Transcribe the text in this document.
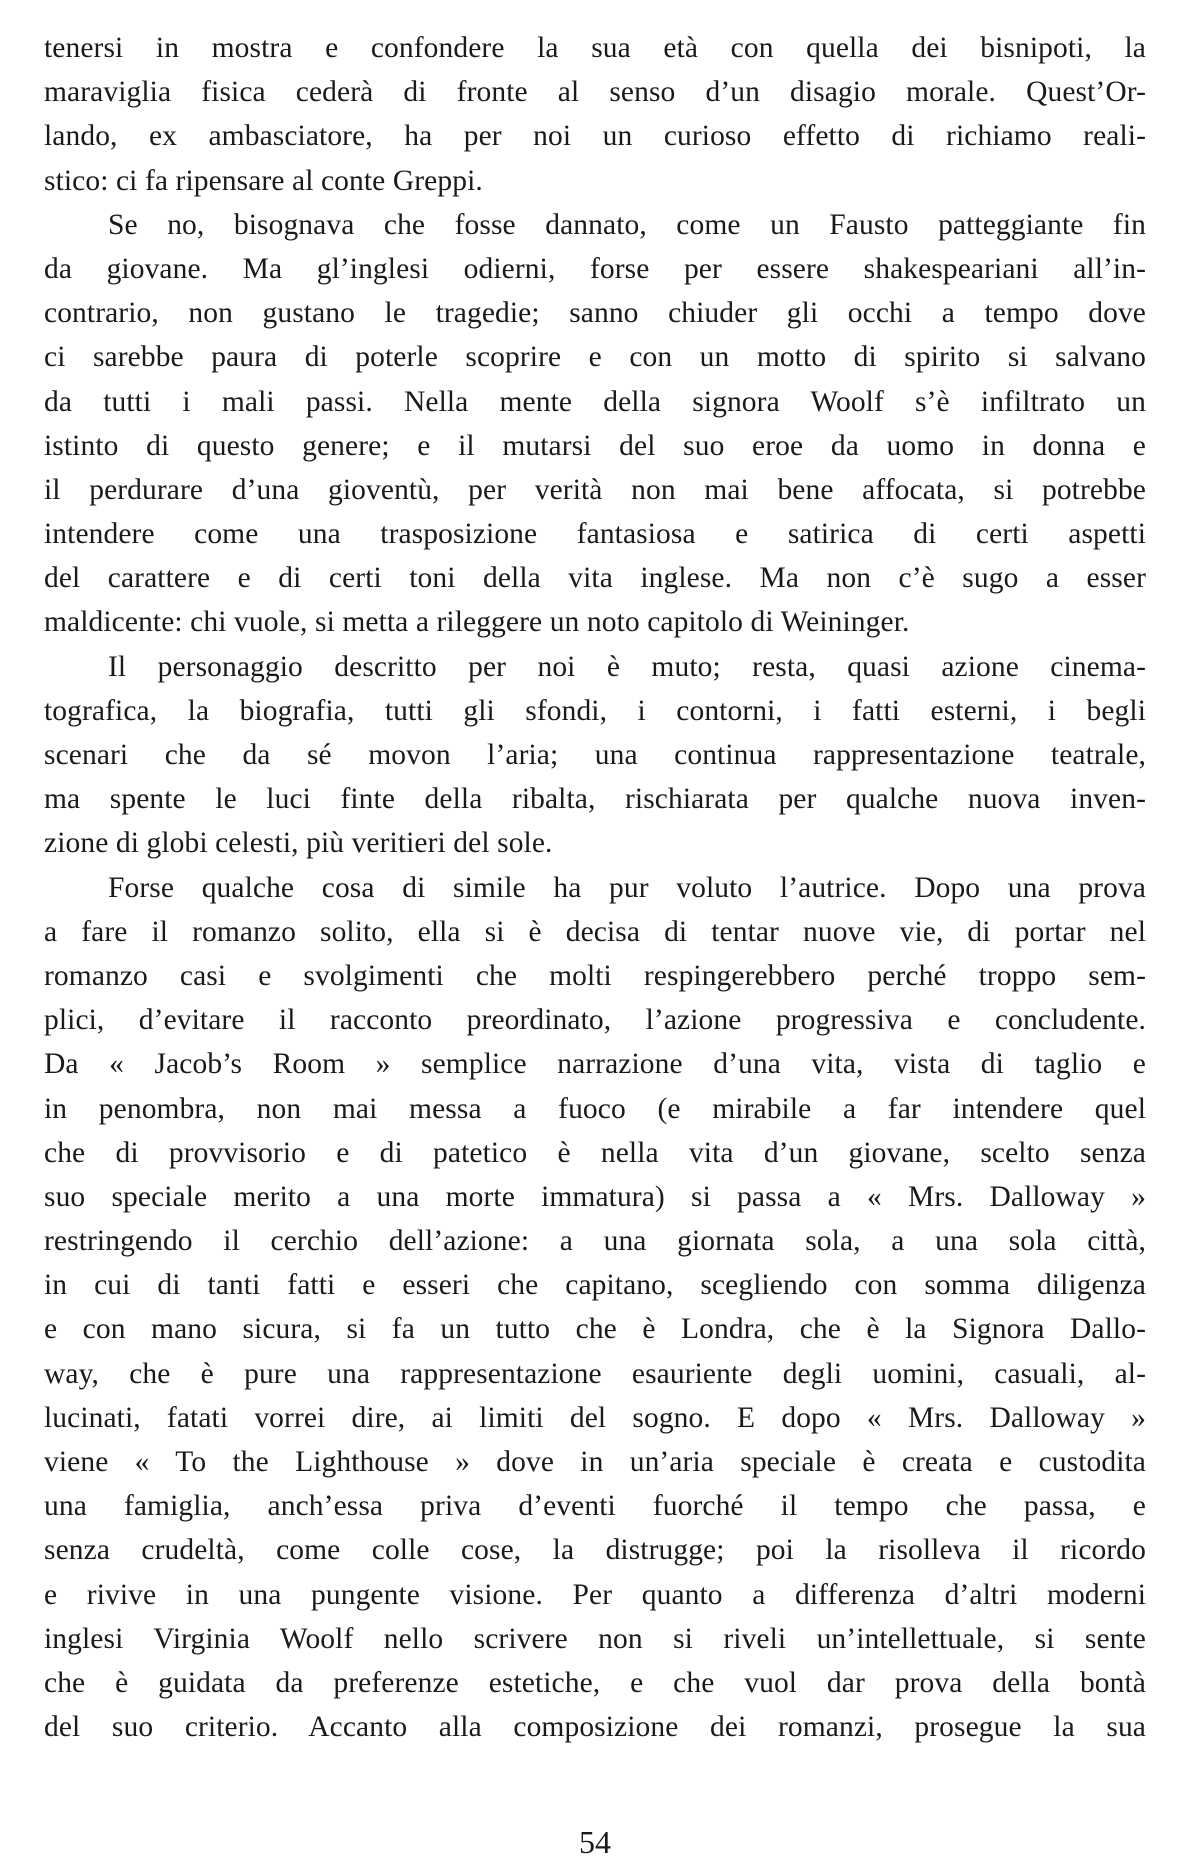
tenersi in mostra e confondere la sua età con quella dei bisnipoti, la
maraviglia fisica cederà di fronte al senso d’un disagio morale. Quest’Or-
lando, ex ambasciatore, ha per noi un curioso effetto di richiamo reali-
stico: ci fa ripensare al conte Greppi.
Se no, bisognava che fosse dannato, come un Fausto patteggiante fin
da giovane. Ma gl’inglesi odierni, forse per essere shakespeariani all’in-
contrario, non gustano le tragedie; sanno chiuder gli occhi a tempo dove
ci sarebbe paura di poterle scoprire e con un motto di spirito si salvano
da tutti i mali passi. Nella mente della signora Woolf s’è infiltrato un
istinto di questo genere; e il mutarsi del suo eroe da uomo in donna e
il perdurare d’una gioventù, per verità non mai bene affocata, si potrebbe
intendere come una trasposizione fantasiosa e satirica di certi aspetti
del carattere e di certi toni della vita inglese. Ma non c’è sugo a esser
maldicente: chi vuole, si metta a rileggere un noto capitolo di Weininger.
Il personaggio descritto per noi è muto; resta, quasi azione cinema-
tografica, la biografia, tutti gli sfondi, i contorni, i fatti esterni, i begli
scenari che da sé movon l’aria; una continua rappresentazione teatrale,
ma spente le luci finte della ribalta, rischiarata per qualche nuova inven-
zione di globi celesti, più veritieri del sole.
Forse qualche cosa di simile ha pur voluto l’autrice. Dopo una prova
a fare il romanzo solito, ella si è decisa di tentar nuove vie, di portar nel
romanzo casi e svolgimenti che molti respingerebbero perché troppo sem-
plici, d’evitare il racconto preordinato, l’azione progressiva e concludente.
Da « Jacob’s Room » semplice narrazione d’una vita, vista di taglio e
in penombra, non mai messa a fuoco (e mirabile a far intendere quel
che di provvisorio e di patetico è nella vita d’un giovane, scelto senza
suo speciale merito a una morte immatura) si passa a « Mrs. Dalloway »
restringendo il cerchio dell’azione: a una giornata sola, a una sola città,
in cui di tanti fatti e esseri che capitano, scegliendo con somma diligenza
e con mano sicura, si fa un tutto che è Londra, che è la Signora Dallo-
way, che è pure una rappresentazione esauriente degli uomini, casuali, al-
lucinati, fatati vorrei dire, ai limiti del sogno. E dopo « Mrs. Dalloway »
viene « To the Lighthouse » dove in un’aria speciale è creata e custodita
una famiglia, anch’essa priva d’eventi fuorché il tempo che passa, e
senza crudeltà, come colle cose, la distrugge; poi la risolleva il ricordo
e rivive in una pungente visione. Per quanto a differenza d’altri moderni
inglesi Virginia Woolf nello scrivere non si riveli un’intellettuale, si sente
che è guidata da preferenze estetiche, e che vuol dar prova della bontà
del suo criterio. Accanto alla composizione dei romanzi, prosegue la sua
54
